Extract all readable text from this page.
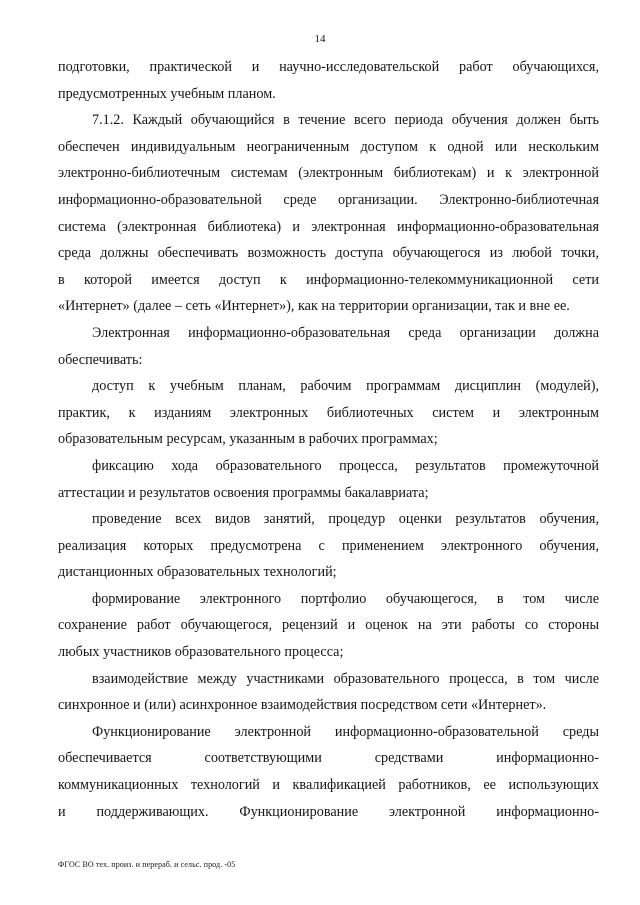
14
подготовки, практической и научно-исследовательской работ обучающихся,
предусмотренных учебным планом.
7.1.2. Каждый обучающийся в течение всего периода обучения должен быть
обеспечен индивидуальным неограниченным доступом к одной или нескольким
электронно-библиотечным системам (электронным библиотекам) и к электронной
информационно-образовательной среде организации. Электронно-библиотечная
система (электронная библиотека) и электронная информационно-образовательная
среда должны обеспечивать возможность доступа обучающегося из любой точки,
в которой имеется доступ к информационно-телекоммуникационной сети
«Интернет» (далее – сеть «Интернет»), как на территории организации, так и вне ее.
Электронная информационно-образовательная среда организации должна
обеспечивать:
доступ к учебным планам, рабочим программам дисциплин (модулей),
практик, к изданиям электронных библиотечных систем и электронным
образовательным ресурсам, указанным в рабочих программах;
фиксацию хода образовательного процесса, результатов промежуточной
аттестации и результатов освоения программы бакалавриата;
проведение всех видов занятий, процедур оценки результатов обучения,
реализация которых предусмотрена с применением электронного обучения,
дистанционных образовательных технологий;
формирование электронного портфолио обучающегося, в том числе
сохранение работ обучающегося, рецензий и оценок на эти работы со стороны
любых участников образовательного процесса;
взаимодействие между участниками образовательного процесса, в том числе
синхронное и (или) асинхронное взаимодействия посредством сети «Интернет».
Функционирование электронной информационно-образовательной среды
обеспечивается соответствующими средствами информационно-
коммуникационных технологий и квалификацией работников, ее использующих
и поддерживающих. Функционирование электронной информационно-
ФГОС ВО тех. произ. и перераб. и сельс. прод. -05
